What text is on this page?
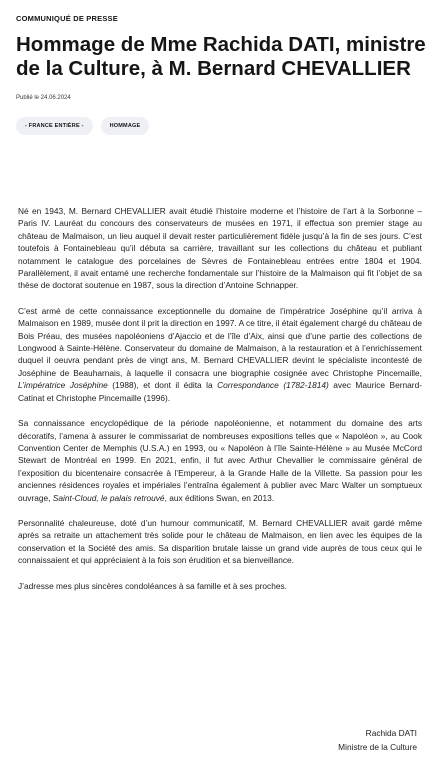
COMMUNIQUÉ DE PRESSE
Hommage de Mme Rachida DATI, ministre de la Culture, à M. Bernard CHEVALLIER
Publié le 24.06.2024
- FRANCE ENTIÈRE -	HOMMAGE

Né en 1943, M. Bernard CHEVALLIER avait étudié l’histoire moderne et l’histoire de l’art à la Sorbonne – Paris IV. Lauréat du concours des conservateurs de musées en 1971, il effectua son premier stage au château de Malmaison, un lieu auquel il devait rester particulièrement fidèle jusqu’à la fin de ses jours. C’est toutefois à Fontainebleau qu’il débuta sa carrière, travaillant sur les collections du château et publiant notamment le catalogue des porcelaines de Sèvres de Fontainebleau entrées entre 1804 et 1904. Parallèlement, il avait entamé une recherche fondamentale sur l’histoire de la Malmaison qui fit l’objet de sa thèse de doctorat soutenue en 1987, sous la direction d’Antoine Schnapper.

C’est armé de cette connaissance exceptionnelle du domaine de l’impératrice Joséphine qu’il arriva à Malmaison en 1989, musée dont il prit la direction en 1997. A ce titre, il était également chargé du château de Bois Préau, des musées napoléoniens d’Ajaccio et de l’île d’Aix, ainsi que d’une partie des collections de Longwood à Sainte-Hélène. Conservateur du domaine de Malmaison, à la restauration et à l’enrichissement duquel il oeuvra pendant près de vingt ans, M. Bernard CHEVALLIER devint le spécialiste incontesté de Joséphine de Beauharnais, à laquelle il consacra une biographie cosignée avec Christophe Pincemaille, L’impératrice Joséphine (1988), et dont il édita la Correspondance (1782-1814) avec Maurice Bernard-Catinat et Christophe Pincemaille (1996).

Sa connaissance encyclopédique de la période napoléonienne, et notamment du domaine des arts décoratifs, l’amena à assurer le commissariat de nombreuses expositions telles que « Napoléon », au Cook Convention Center de Memphis (U.S.A.) en 1993, ou « Napoléon à l’île Sainte-Hélène » au Musée McCord Stewart de Montréal en 1999. En 2021, enfin, il fut avec Arthur Chevallier le commissaire général de l’exposition du bicentenaire consacrée à l’Empereur, à la Grande Halle de la Villette. Sa passion pour les anciennes résidences royales et impériales l’entraîna également à publier avec Marc Walter un somptueux ouvrage, Saint-Cloud, le palais retrouvé, aux éditions Swan, en 2013.

Personnalité chaleureuse, doté d’un humour communicatif, M. Bernard CHEVALLIER avait gardé même après sa retraite un attachement très solide pour le château de Malmaison, en lien avec les équipes de la conservation et la Société des amis. Sa disparition brutale laisse un grand vide auprès de tous ceux qui le connaissaient et qui appréciaient à la fois son érudition et sa bienveillance.

J’adresse mes plus sincères condoléances à sa famille et à ses proches.

Rachida DATI
Ministre de la Culture
